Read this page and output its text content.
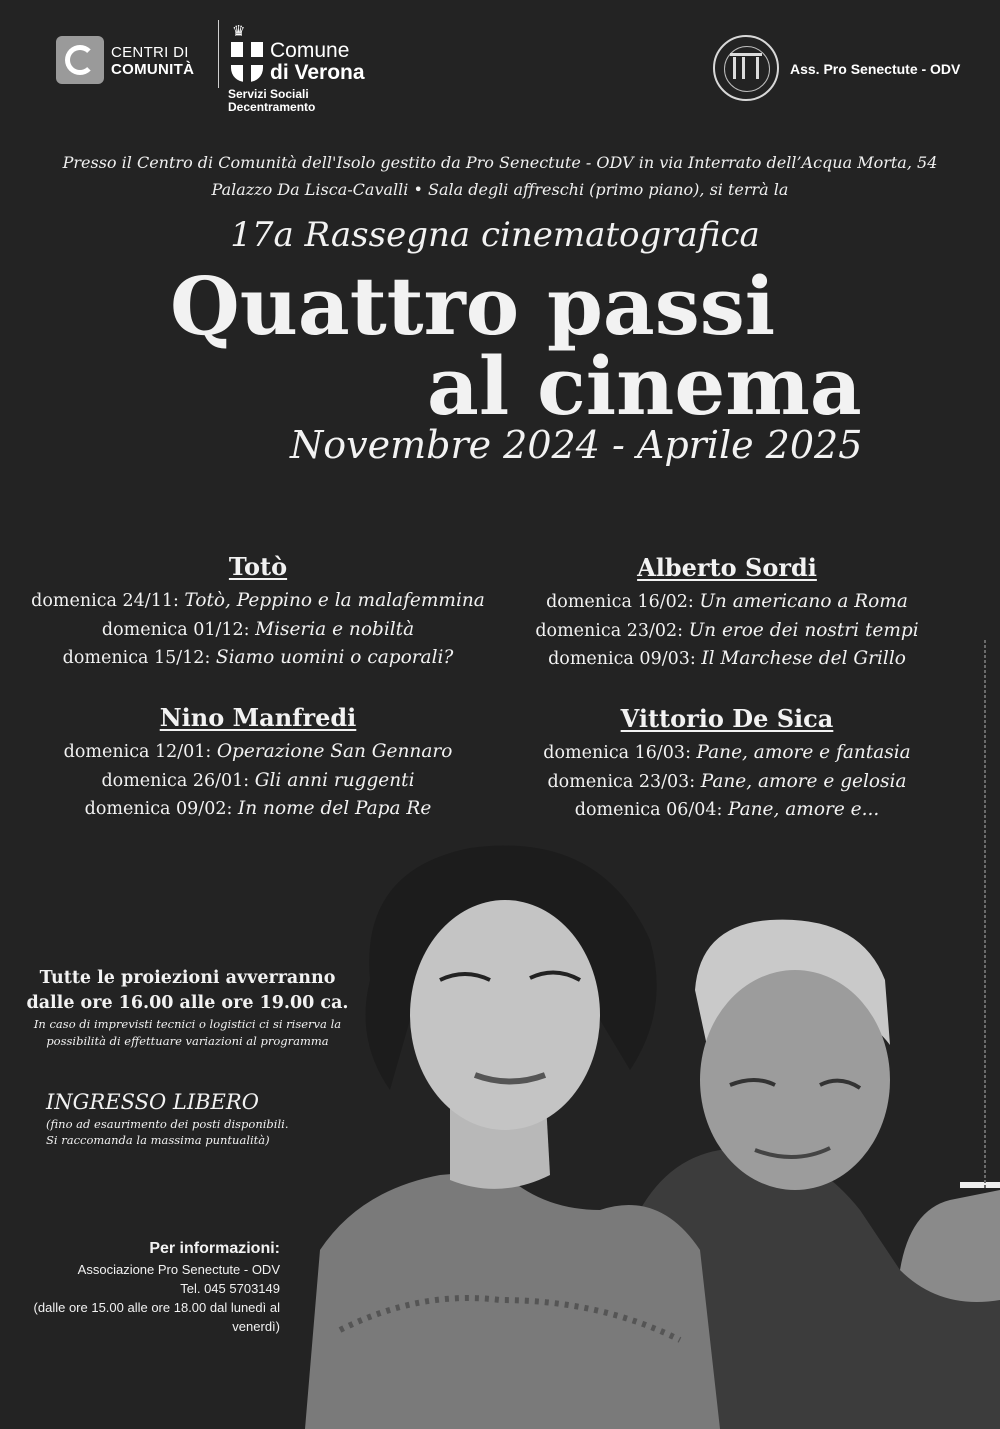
CENTRI DI
COMUNITÀ
♛
Comune
di Verona
Servizi Sociali
Decentramento
Ass. Pro Senectute - ODV
Presso il Centro di Comunità dell'Isolo gestito da Pro Senectute - ODV in via Interrato dell’Acqua Morta, 54
Palazzo Da Lisca-Cavalli • Sala degli affreschi (primo piano), si terrà la
17a Rassegna cinematografica
Quattro passi
al cinema
Novembre 2024 - Aprile 2025
Totò
domenica 24/11: Totò, Peppino e la malafemmina
domenica 01/12: Miseria e nobiltà
domenica 15/12: Siamo uomini o caporali?
Alberto Sordi
domenica 16/02: Un americano a Roma
domenica 23/02: Un eroe dei nostri tempi
domenica 09/03: Il Marchese del Grillo
Nino Manfredi
domenica 12/01: Operazione San Gennaro
domenica 26/01: Gli anni ruggenti
domenica 09/02: In nome del Papa Re
Vittorio De Sica
domenica 16/03: Pane, amore e fantasia
domenica 23/03: Pane, amore e gelosia
domenica 06/04: Pane, amore e...
Tutte le proiezioni avverranno
dalle ore 16.00 alle ore 19.00 ca.
In caso di imprevisti tecnici o logistici ci si riserva la
possibilità di effettuare variazioni al programma
INGRESSO LIBERO
(fino ad esaurimento dei posti disponibili.
Si raccomanda la massima puntualità)
Per informazioni:
Associazione Pro Senectute - ODV
Tel. 045 5703149
(dalle ore 15.00 alle ore 18.00 dal lunedì al venerdì)
